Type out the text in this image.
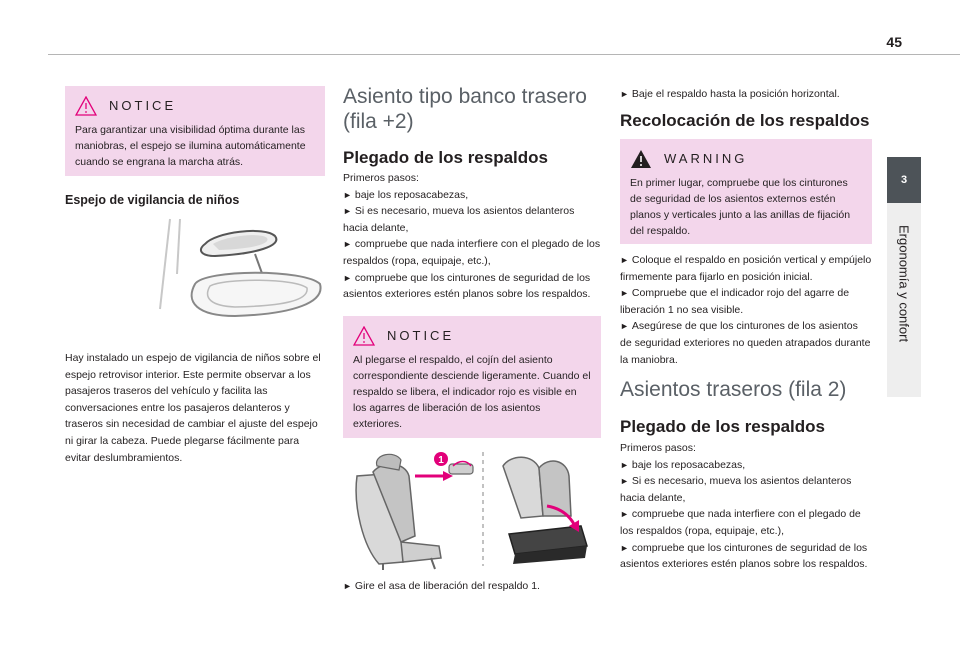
45
3
Ergonomía y confort
NOTICE

Para garantizar una visibilidad óptima durante las maniobras, el espejo se ilumina automáticamente cuando se engrana la marcha atrás.

Espejo de vigilancia de niños
Hay instalado un espejo de vigilancia de niños sobre el espejo retrovisor interior. Este permite observar a los pasajeros traseros del vehículo y facilita las conversaciones entre los pasajeros delanteros y traseros sin necesidad de cambiar el ajuste del espejo ni girar la cabeza. Puede plegarse fácilmente para evitar deslumbramientos.
Asiento tipo banco trasero
(fila +2)
Plegado de los respaldos

Primeros pasos:

► baje los reposacabezas,

► Si es necesario, mueva los asientos delanteros hacia delante,

► compruebe que nada interfiere con el plegado de los respaldos (ropa, equipaje, etc.),

► compruebe que los cinturones de seguridad de los asientos exteriores estén planos sobre los respaldos.

NOTICE

Al plegarse el respaldo, el cojín del asiento correspondiente desciende ligeramente. Cuando el respaldo se libera, el indicador rojo es visible en los agarres de liberación de los asientos exteriores.

1

► Gire el asa de liberación del respaldo 1.

► Baje el respaldo hasta la posición horizontal.

Recolocación de los respaldos
WARNING

En primer lugar, compruebe que los cinturones de seguridad de los asientos externos estén planos y verticales junto a las anillas de fijación del respaldo.

► Coloque el respaldo en posición vertical y empújelo firmemente para fijarlo en posición inicial.

► Compruebe que el indicador rojo del agarre de liberación 1 no sea visible.

► Asegúrese de que los cinturones de los asientos de seguridad exteriores no queden atrapados durante la maniobra.

Asientos traseros (fila 2)
Plegado de los respaldos

Primeros pasos:

► baje los reposacabezas,

► Si es necesario, mueva los asientos delanteros hacia delante,

► compruebe que nada interfiere con el plegado de los respaldos (ropa, equipaje, etc.),

► compruebe que los cinturones de seguridad de los asientos exteriores estén planos sobre los respaldos.
